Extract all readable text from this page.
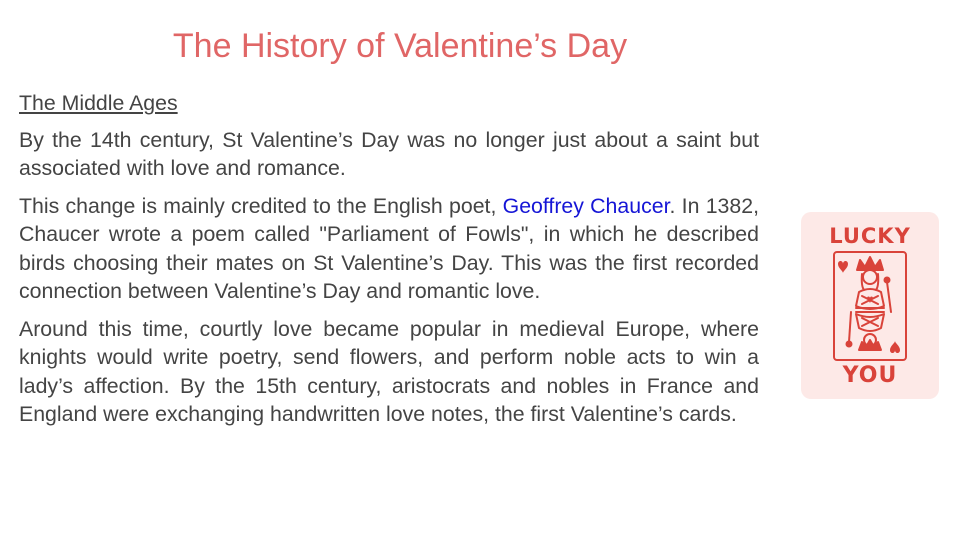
The History of Valentine’s Day

The Middle Ages

By the 14th century, St Valentine’s Day was no longer just about a saint but associated with love and romance.

This change is mainly credited to the English poet, Geoffrey Chaucer. In 1382, Chaucer wrote a poem called "Parliament of Fowls", in which he described birds choosing their mates on St Valentine’s Day. This was the first recorded connection between Valentine’s Day and romantic love.

Around this time, courtly love became popular in medieval Europe, where knights would write poetry, send flowers, and perform noble acts to win a lady’s affection. By the 15th century, aristocrats and nobles in France and England were exchanging handwritten love notes, the first Valentine’s cards.

LUCKY
YOU
